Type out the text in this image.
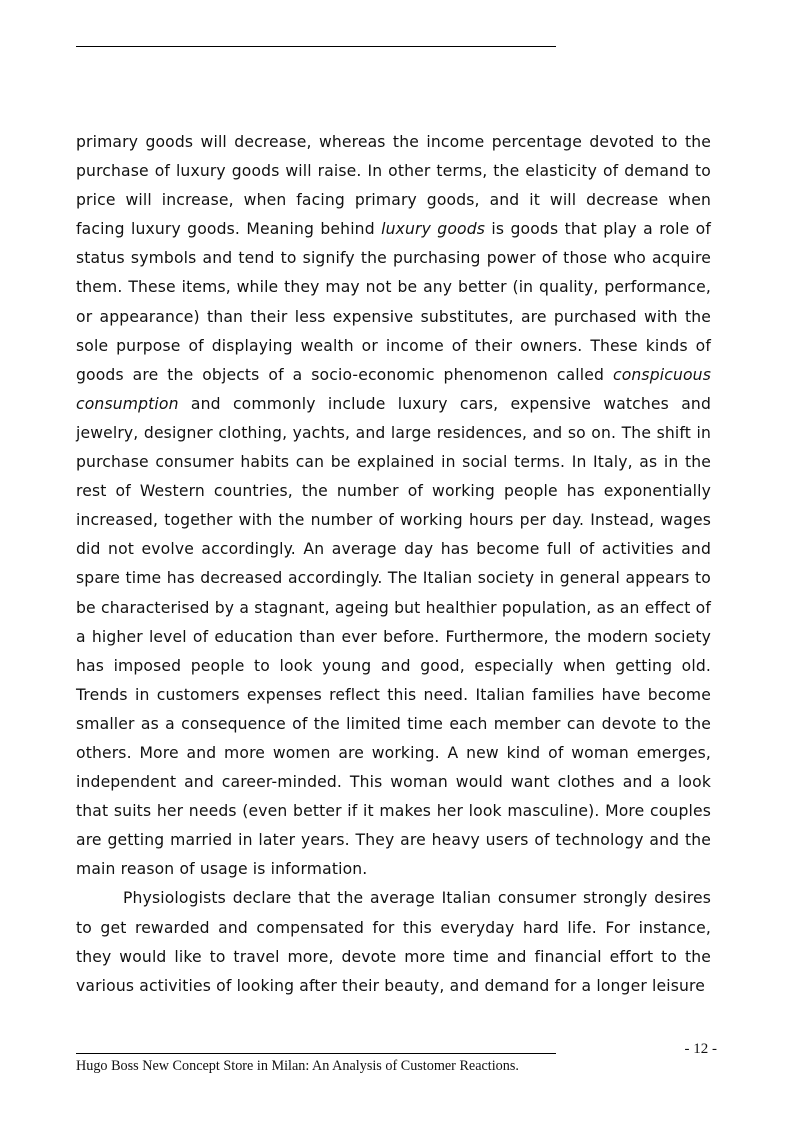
primary goods will decrease, whereas the income percentage devoted to the purchase of luxury goods will raise. In other terms, the elasticity of demand to price will increase, when facing primary goods, and it will decrease when facing luxury goods. Meaning behind luxury goods is goods that play a role of status symbols and tend to signify the purchasing power of those who acquire them. These items, while they may not be any better (in quality, performance, or appearance) than their less expensive substitutes, are purchased with the sole purpose of displaying wealth or income of their owners. These kinds of goods are the objects of a socio-economic phenomenon called conspicuous consumption and commonly include luxury cars, expensive watches and jewelry, designer clothing, yachts, and large residences, and so on. The shift in purchase consumer habits can be explained in social terms. In Italy, as in the rest of Western countries, the number of working people has exponentially increased, together with the number of working hours per day. Instead, wages did not evolve accordingly. An average day has become full of activities and spare time has decreased accordingly. The Italian society in general appears to be characterised by a stagnant, ageing but healthier population, as an effect of a higher level of education than ever before. Furthermore, the modern society has imposed people to look young and good, especially when getting old. Trends in customers expenses reflect this need. Italian families have become smaller as a consequence of the limited time each member can devote to the others. More and more women are working. A new kind of woman emerges, independent and career-minded. This woman would want clothes and a look that suits her needs (even better if it makes her look masculine). More couples are getting married in later years. They are heavy users of technology and the main reason of usage is information.

Physiologists declare that the average Italian consumer strongly desires to get rewarded and compensated for this everyday hard life. For instance, they would like to travel more, devote more time and financial effort to the various activities of looking after their beauty, and demand for a longer leisure

- 12 -
Hugo Boss New Concept Store in Milan: An Analysis of Customer Reactions.
